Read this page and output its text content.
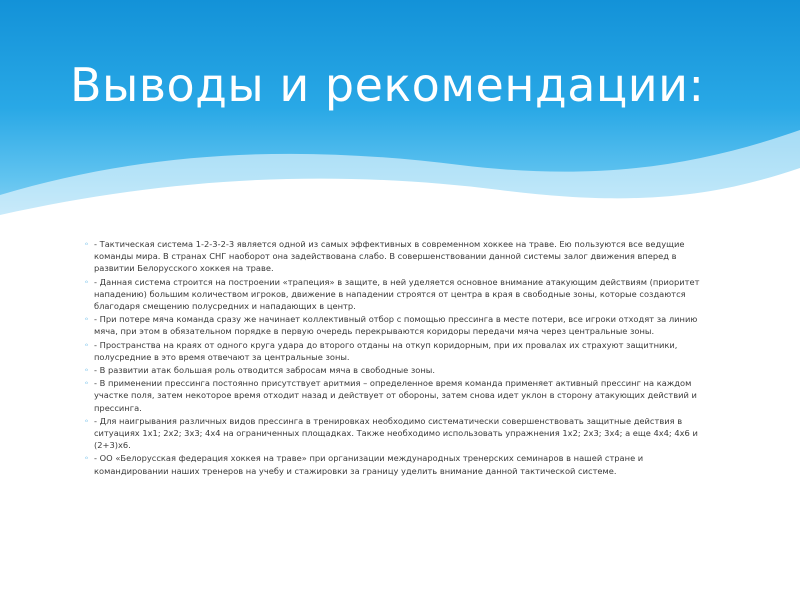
Выводы и рекомендации:
◦ - Тактическая система 1-2-3-2-3 является одной из самых эффективных в современном хоккее на траве. Ею пользуются все ведущие команды мира. В странах СНГ наоборот она задействована слабо. В совершенствовании данной системы залог движения вперед в развитии Белорусского хоккея на траве.
◦ - Данная система строится на построении «трапеция» в защите, в ней уделяется основное внимание атакующим действиям (приоритет нападению) большим количеством игроков, движение в нападении строятся от центра в края в свободные зоны, которые создаются благодаря смещению полусредних и нападающих в центр.
◦ - При потере мяча команда сразу же начинает коллективный отбор с помощью прессинга в месте потери, все игроки отходят за линию мяча, при этом в обязательном порядке в первую очередь перекрываются коридоры передачи мяча через центральные зоны.
◦ - Пространства на краях от одного круга удара до второго отданы на откуп коридорным, при их провалах их страхуют защитники, полусредние в это время отвечают за центральные зоны.
◦ - В развитии атак большая роль отводится забросам мяча в свободные зоны.
◦ - В применении прессинга постоянно присутствует аритмия – определенное время команда применяет активный прессинг на каждом участке поля, затем некоторое время отходит назад и действует от обороны, затем снова идет уклон в сторону атакующих действий и прессинга.
◦ - Для наигрывания различных видов прессинга в тренировках необходимо систематически совершенствовать защитные действия в ситуациях 1х1; 2х2; 3х3; 4х4 на ограниченных площадках. Также необходимо использовать упражнения 1х2; 2х3; 3х4; а еще 4х4; 4х6 и (2+3)х6.
◦ - ОО «Белорусская федерация хоккея на траве» при организации международных тренерских семинаров в нашей стране и командировании наших тренеров на учебу и стажировки за границу уделить внимание данной тактической системе.
